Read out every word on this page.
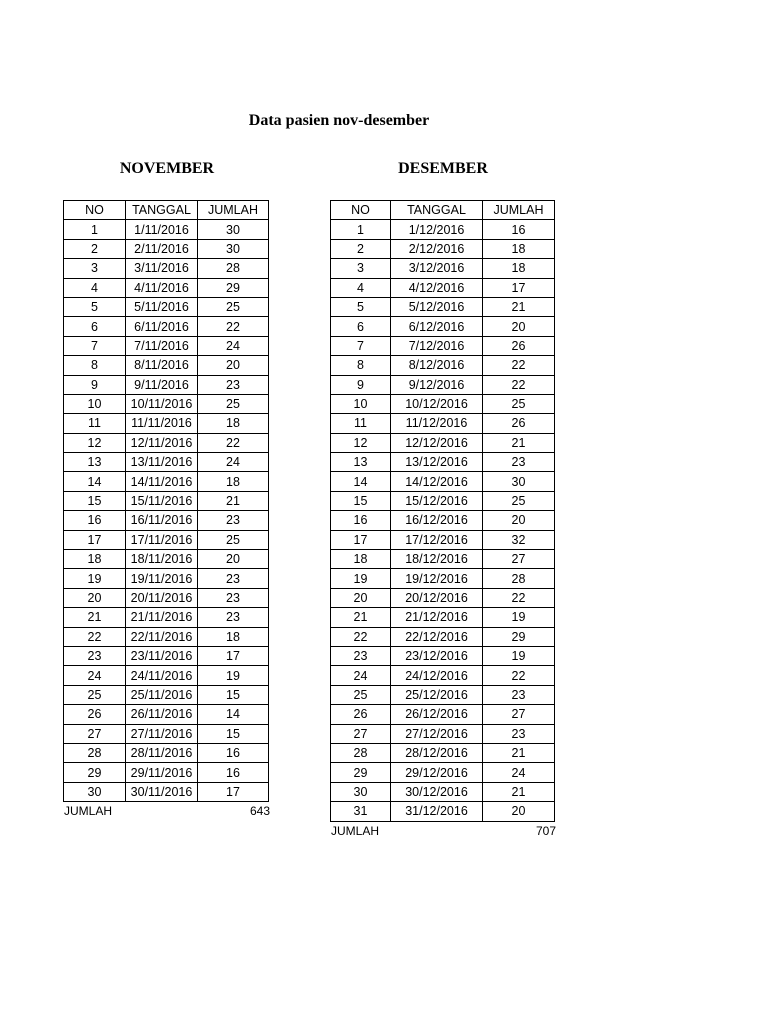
Data pasien nov-desember
NOVEMBER	DESEMBER
NO	TANGGAL	JUMLAH
1	1/11/2016	30
2	2/11/2016	30
3	3/11/2016	28
4	4/11/2016	29
5	5/11/2016	25
6	6/11/2016	22
7	7/11/2016	24
8	8/11/2016	20
9	9/11/2016	23
10	10/11/2016	25
11	11/11/2016	18
12	12/11/2016	22
13	13/11/2016	24
14	14/11/2016	18
15	15/11/2016	21
16	16/11/2016	23
17	17/11/2016	25
18	18/11/2016	20
19	19/11/2016	23
20	20/11/2016	23
21	21/11/2016	23
22	22/11/2016	18
23	23/11/2016	17
24	24/11/2016	19
25	25/11/2016	15
26	26/11/2016	14
27	27/11/2016	15
28	28/11/2016	16
29	29/11/2016	16
30	30/11/2016	17
NO	TANGGAL	JUMLAH
1	1/12/2016	16
2	2/12/2016	18
3	3/12/2016	18
4	4/12/2016	17
5	5/12/2016	21
6	6/12/2016	20
7	7/12/2016	26
8	8/12/2016	22
9	9/12/2016	22
10	10/12/2016	25
11	11/12/2016	26
12	12/12/2016	21
13	13/12/2016	23
14	14/12/2016	30
15	15/12/2016	25
16	16/12/2016	20
17	17/12/2016	32
18	18/12/2016	27
19	19/12/2016	28
20	20/12/2016	22
21	21/12/2016	19
22	22/12/2016	29
23	23/12/2016	19
24	24/12/2016	22
25	25/12/2016	23
26	26/12/2016	27
27	27/12/2016	23
28	28/12/2016	21
29	29/12/2016	24
30	30/12/2016	21
31	31/12/2016	20
JUMLAH	643
JUMLAH	707
